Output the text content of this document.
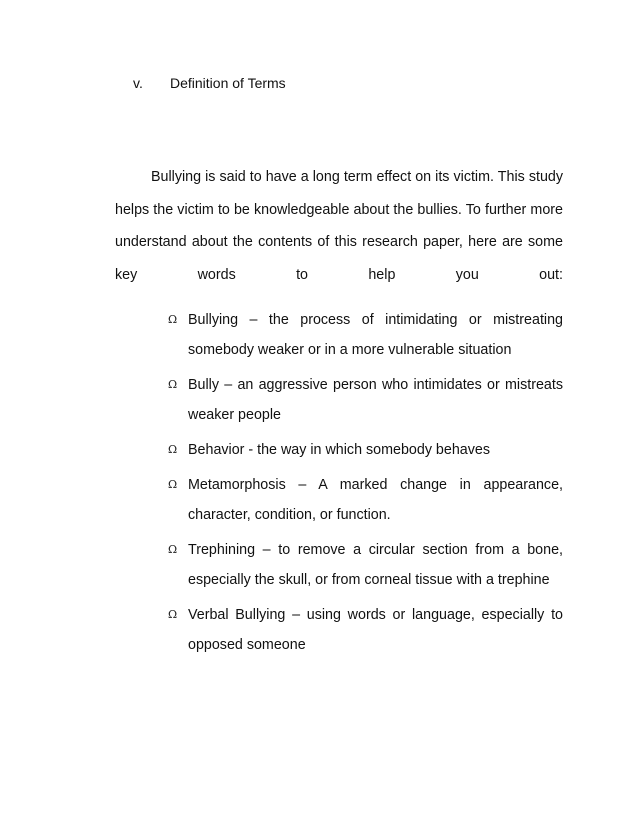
v. Definition of Terms

Bullying is said to have a long term effect on its victim. This study helps the victim to be knowledgeable about the bullies. To further more understand about the contents of this research paper, here are some key words to help you out:

Ω Bullying – the process of intimidating or mistreating somebody weaker or in a more vulnerable situation
Ω Bully – an aggressive person who intimidates or mistreats weaker people
Ω Behavior - the way in which somebody behaves
Ω Metamorphosis – A marked change in appearance, character, condition, or function.
Ω Trephining – to remove a circular section from a bone, especially the skull, or from corneal tissue with a trephine
Ω Verbal Bullying – using words or language, especially to opposed someone
